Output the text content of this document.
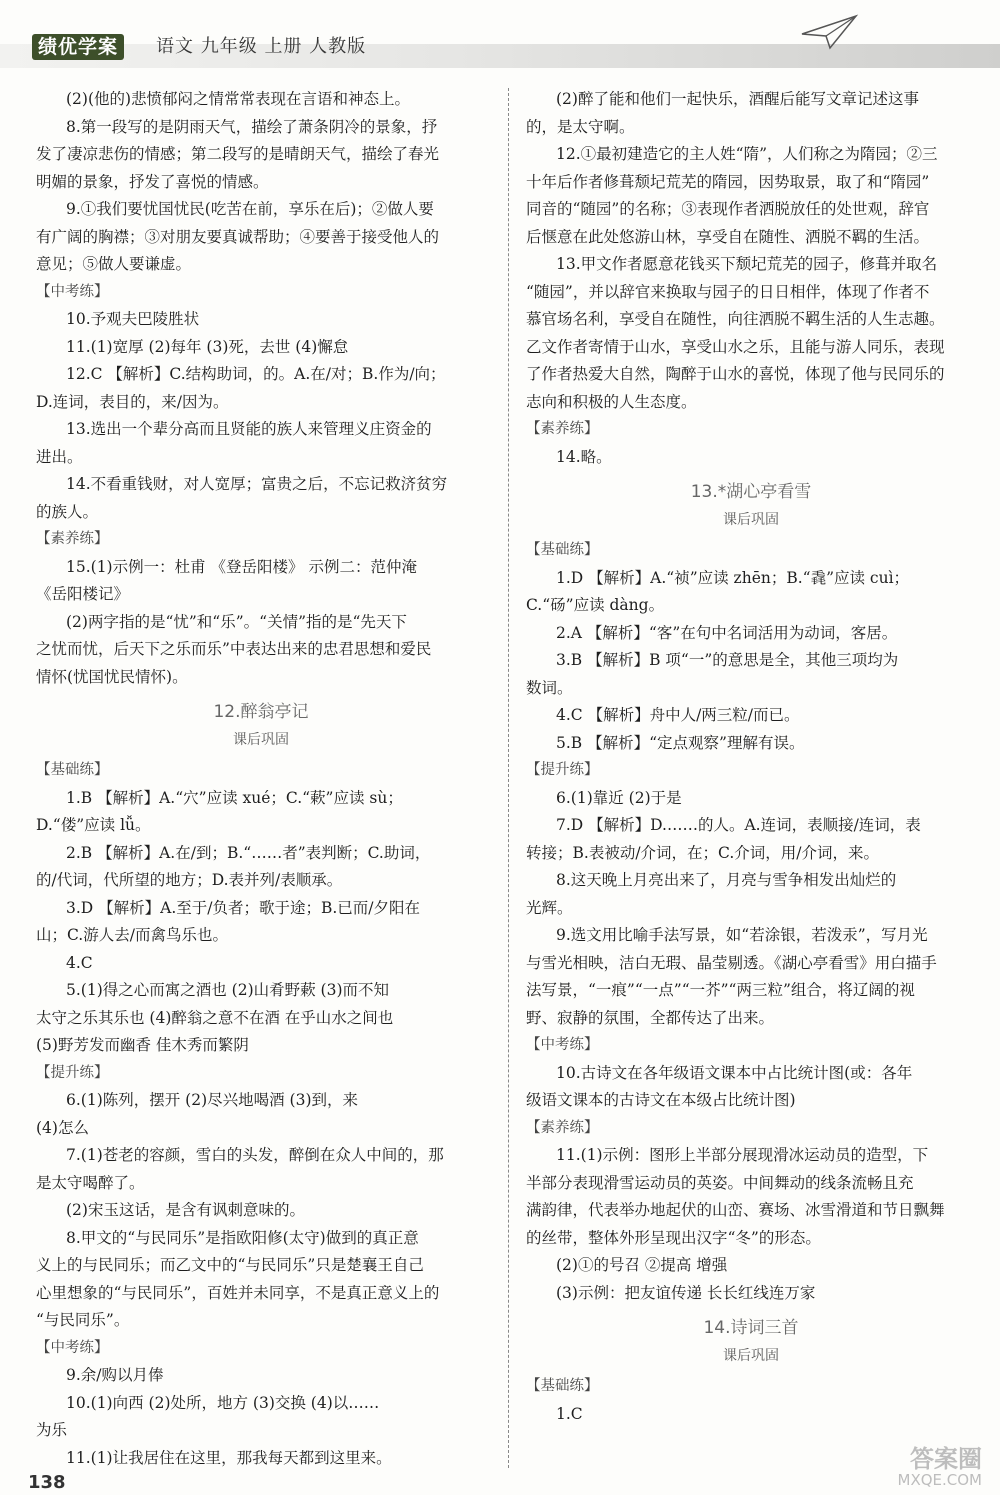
绩优学案	语文 九年级 上册 人教版
(2)(他的)悲愤郁闷之情常常表现在言语和神态上。
8.第一段写的是阴雨天气，描绘了萧条阴冷的景象，抒
发了凄凉悲伤的情感；第二段写的是晴朗天气，描绘了春光
明媚的景象，抒发了喜悦的情感。
9.①我们要忧国忧民(吃苦在前，享乐在后)；②做人要
有广阔的胸襟；③对朋友要真诚帮助；④要善于接受他人的
意见；⑤做人要谦虚。
【中考练】
10.予观夫巴陵胜状
11.(1)宽厚 (2)每年 (3)死，去世 (4)懈怠
12.C 【解析】C.结构助词，的。A.在/对；B.作为/向；
D.连词，表目的，来/因为。
13.选出一个辈分高而且贤能的族人来管理义庄资金的
进出。
14.不看重钱财，对人宽厚；富贵之后，不忘记救济贫穷
的族人。
【素养练】
15.(1)示例一：杜甫 《登岳阳楼》 示例二：范仲淹
《岳阳楼记》
(2)两字指的是“忧”和“乐”。“关情”指的是“先天下
之忧而忧，后天下之乐而乐”中表达出来的忠君思想和爱民
情怀(忧国忧民情怀)。
12.醉翁亭记
课后巩固
【基础练】
1.B 【解析】A.“穴”应读 xué；C.“蔌”应读 sù；
D.“偻”应读 lǚ。
2.B 【解析】A.在/到；B.“……者”表判断；C.助词，
的/代词，代所望的地方；D.表并列/表顺承。
3.D 【解析】A.至于/负者；歌于途；B.已而/夕阳在
山；C.游人去/而禽鸟乐也。
4.C
5.(1)得之心而寓之酒也 (2)山肴野蔌 (3)而不知
太守之乐其乐也 (4)醉翁之意不在酒 在乎山水之间也
(5)野芳发而幽香 佳木秀而繁阴
【提升练】
6.(1)陈列，摆开 (2)尽兴地喝酒 (3)到，来
(4)怎么
7.(1)苍老的容颜，雪白的头发，醉倒在众人中间的，那
是太守喝醉了。
(2)宋玉这话，是含有讽刺意味的。
8.甲文的“与民同乐”是指欧阳修(太守)做到的真正意
义上的与民同乐；而乙文中的“与民同乐”只是楚襄王自己
心里想象的“与民同乐”，百姓并未同享，不是真正意义上的
“与民同乐”。
【中考练】
9.余/购以月俸
10.(1)向西 (2)处所，地方 (3)交换 (4)以……
为乐
11.(1)让我居住在这里，那我每天都到这里来。
(2)醉了能和他们一起快乐，酒醒后能写文章记述这事
的，是太守啊。
12.①最初建造它的主人姓“隋”，人们称之为隋园；②三
十年后作者修葺颓圮荒芜的隋园，因势取景，取了和“隋园”
同音的“随园”的名称；③表现作者洒脱放任的处世观，辞官
后惬意在此处悠游山林，享受自在随性、洒脱不羁的生活。
13.甲文作者愿意花钱买下颓圮荒芜的园子，修葺并取名
“随园”，并以辞官来换取与园子的日日相伴，体现了作者不
慕官场名利，享受自在随性，向往洒脱不羁生活的人生志趣。
乙文作者寄情于山水，享受山水之乐，且能与游人同乐，表现
了作者热爱大自然，陶醉于山水的喜悦，体现了他与民同乐的
志向和积极的人生态度。
【素养练】
14.略。
13.*湖心亭看雪
课后巩固
【基础练】
1.D 【解析】A.“祯”应读 zhēn；B.“毳”应读 cuì；
C.“砀”应读 dàng。
2.A 【解析】“客”在句中名词活用为动词，客居。
3.B 【解析】B 项“一”的意思是全，其他三项均为
数词。
4.C 【解析】舟中人/两三粒/而已。
5.B 【解析】“定点观察”理解有误。
【提升练】
6.(1)靠近 (2)于是
7.D 【解析】D.……的人。A.连词，表顺接/连词，表
转接；B.表被动/介词，在；C.介词，用/介词，来。
8.这天晚上月亮出来了，月亮与雪争相发出灿烂的
光辉。
9.选文用比喻手法写景，如“若涂银，若泼汞”，写月光
与雪光相映，洁白无瑕、晶莹剔透。《湖心亭看雪》用白描手
法写景，“一痕”“一点”“一芥”“两三粒”组合，将辽阔的视
野、寂静的氛围，全都传达了出来。
【中考练】
10.古诗文在各年级语文课本中占比统计图(或：各年
级语文课本的古诗文在本级占比统计图)
【素养练】
11.(1)示例：图形上半部分展现滑冰运动员的造型，下
半部分表现滑雪运动员的英姿。中间舞动的线条流畅且充
满韵律，代表举办地起伏的山峦、赛场、冰雪滑道和节日飘舞
的丝带，整体外形呈现出汉字“冬”的形态。
(2)①的号召 ②提高 增强
(3)示例：把友谊传递 长长红线连万家
14.诗词三首
课后巩固
【基础练】
1.C
138
答案圈
MXQE.COM
